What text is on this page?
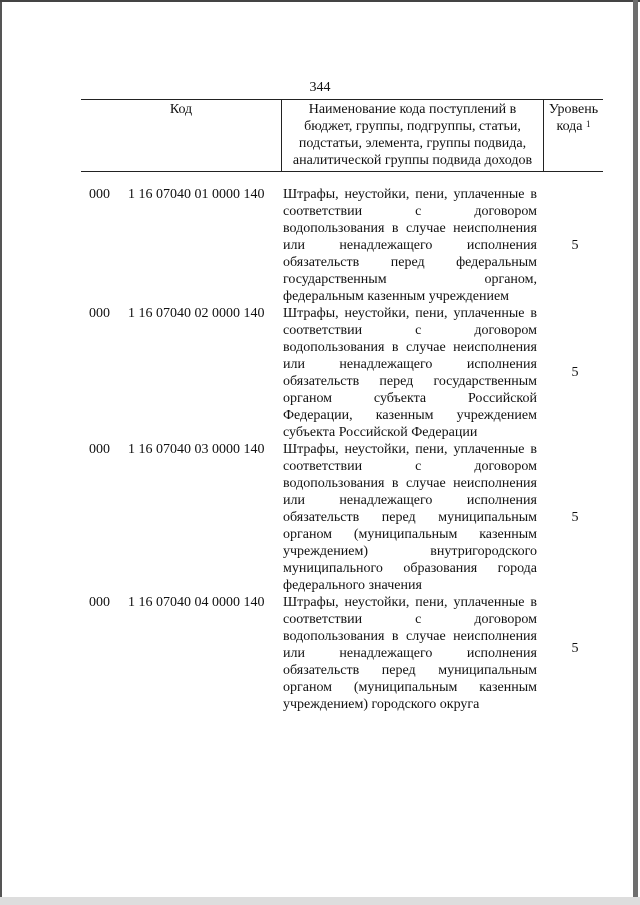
344
Код	Наименование кода поступлений в
бюджет, группы, подгруппы, статьи,
подстатьи, элемента, группы подвида,
аналитической группы подвида доходов
Уровень
кода $^1$
000 1 16 07040 01 0000 140 Штрафы, неустойки, пени, уплаченные в
соответствии с договором
водопользования в случае неисполнения
или ненадлежащего исполнения
обязательств перед федеральным
государственным органом,
федеральным казенным учреждением
5
000 1 16 07040 02 0000 140 Штрафы, неустойки, пени, уплаченные в
соответствии с договором
водопользования в случае неисполнения
или ненадлежащего исполнения
обязательств перед государственным
органом субъекта Российской
Федерации, казенным учреждением
субъекта Российской Федерации
5
000 1 16 07040 03 0000 140 Штрафы, неустойки, пени, уплаченные в
соответствии с договором
водопользования в случае неисполнения
или ненадлежащего исполнения
обязательств перед муниципальным
органом (муниципальным казенным
учреждением) внутригородского
муниципального образования города
федерального значения
5
000 1 16 07040 04 0000 140 Штрафы, неустойки, пени, уплаченные в
соответствии с договором
водопользования в случае неисполнения
или ненадлежащего исполнения
обязательств перед муниципальным
органом (муниципальным казенным
учреждением) городского округа
5
